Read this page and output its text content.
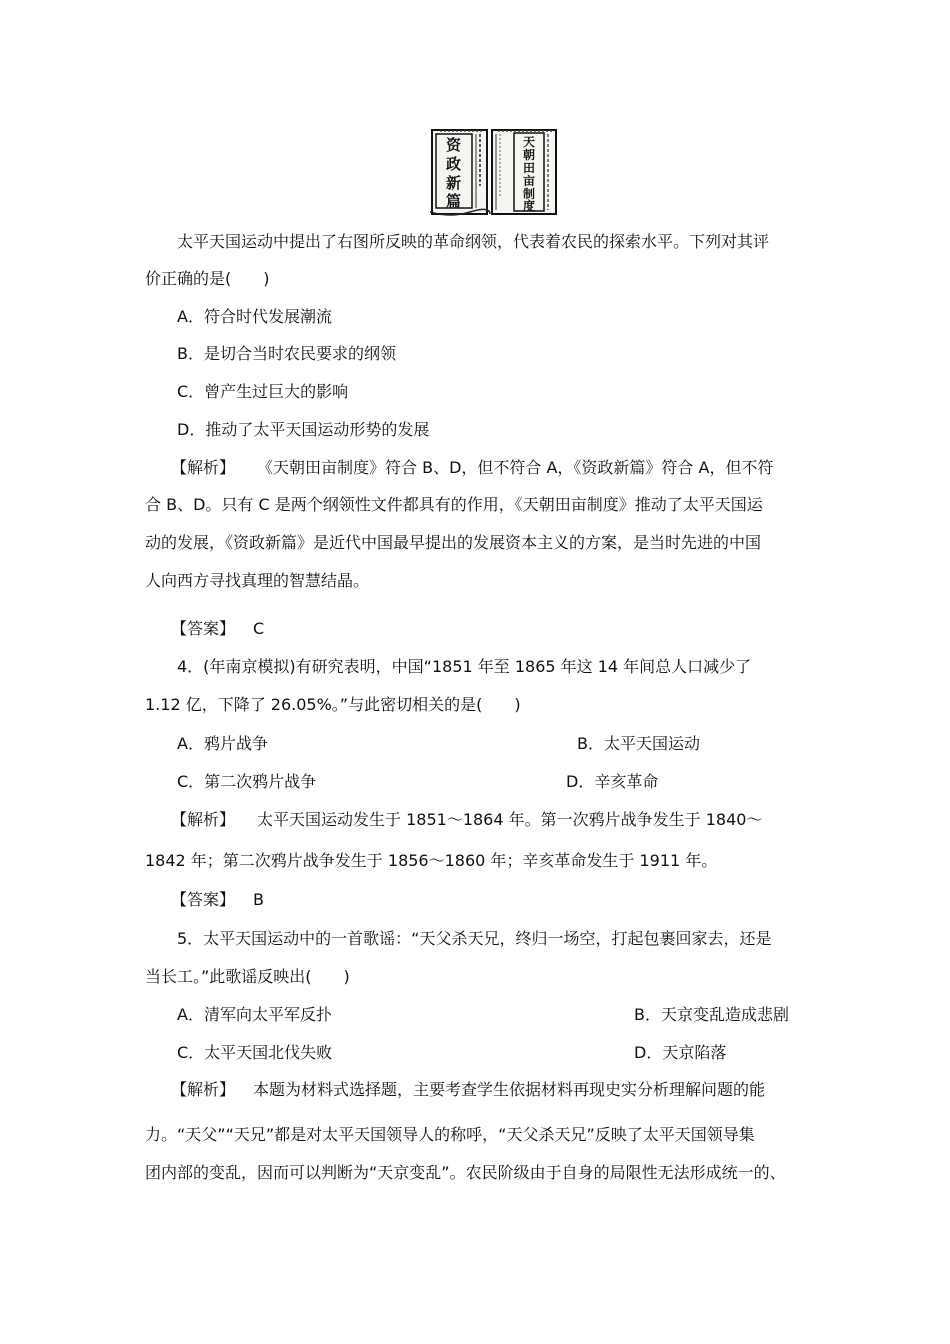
资
政
新
篇
天
朝
田
亩
制
度
太平天国运动中提出了右图所反映的革命纲领，代表着农民的探索水平。下列对其评
价正确的是(　　)
A．符合时代发展潮流
B．是切合当时农民要求的纲领
C．曾产生过巨大的影响
D．推动了太平天国运动形势的发展
【解析】 《天朝田亩制度》符合 B、D，但不符合 A，《资政新篇》符合 A，但不符
合 B、D。只有 C 是两个纲领性文件都具有的作用，《天朝田亩制度》推动了太平天国运
动的发展，《资政新篇》是近代中国最早提出的发展资本主义的方案，是当时先进的中国
人向西方寻找真理的智慧结晶。
【答案】 C
4．(年南京模拟)有研究表明，中国“1851 年至 1865 年这 14 年间总人口减少了
1.12 亿，下降了 26.05%。”与此密切相关的是(　　)
A．鸦片战争	B．太平天国运动
C．第二次鸦片战争	D．辛亥革命
【解析】 太平天国运动发生于 1851～1864 年。第一次鸦片战争发生于 1840～
1842 年；第二次鸦片战争发生于 1856～1860 年；辛亥革命发生于 1911 年。
【答案】 B
5．太平天国运动中的一首歌谣：“天父杀天兄，终归一场空，打起包裹回家去，还是
当长工。”此歌谣反映出(　　)
A．清军向太平军反扑	B．天京变乱造成悲剧
C．太平天国北伐失败	D．天京陷落
【解析】 本题为材料式选择题，主要考查学生依据材料再现史实分析理解问题的能
力。“天父”“天兄”都是对太平天国领导人的称呼，“天父杀天兄”反映了太平天国领导集
团内部的变乱，因而可以判断为“天京变乱”。农民阶级由于自身的局限性无法形成统一的、
